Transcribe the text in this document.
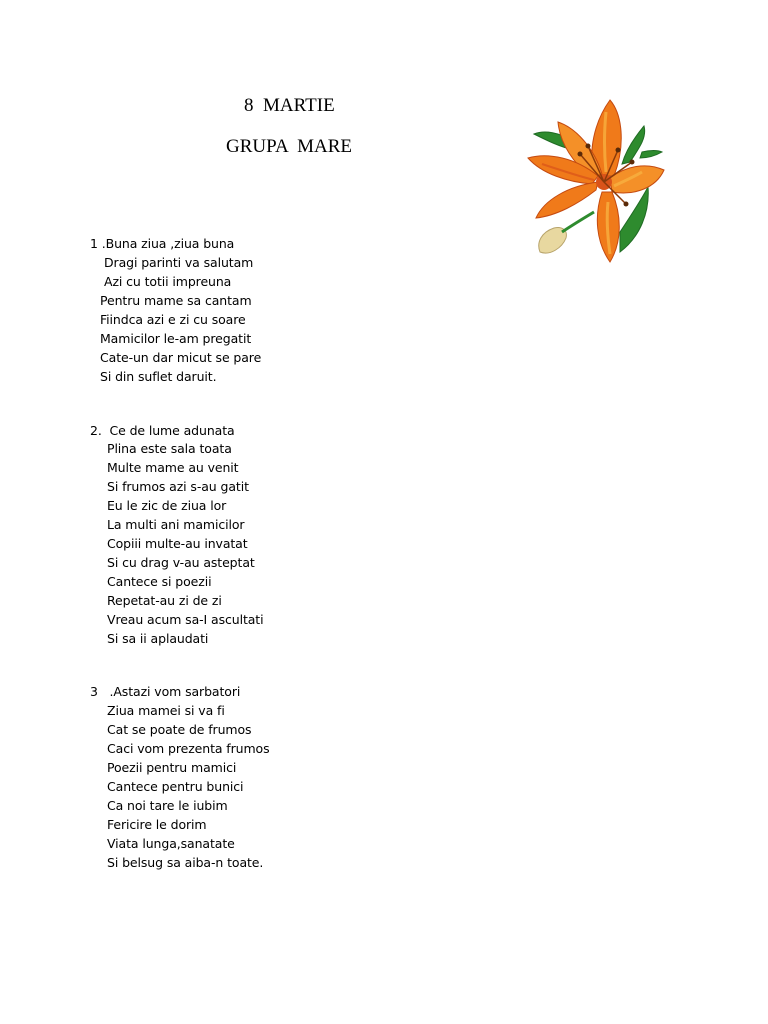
8  MARTIE
GRUPA  MARE
1 .Buna ziua ,ziua buna
Dragi parinti va salutam
Azi cu totii impreuna
Pentru mame sa cantam
Fiindca azi e zi cu soare
Mamicilor le-am pregatit
Cate-un dar micut se pare
Si din suflet daruit.
2.  Ce de lume adunata
Plina este sala toata
Multe mame au venit
Si frumos azi s-au gatit
Eu le zic de ziua lor
La multi ani mamicilor
Copiii multe-au invatat
Si cu drag v-au asteptat
Cantece si poezii
Repetat-au zi de zi
Vreau acum sa-I ascultati
Si sa ii aplaudati
3   .Astazi vom sarbatori
Ziua mamei si va fi
Cat se poate de frumos
Caci vom prezenta frumos
Poezii pentru mamici
Cantece pentru bunici
Ca noi tare le iubim
Fericire le dorim
Viata lunga,sanatate
Si belsug sa aiba-n toate.
